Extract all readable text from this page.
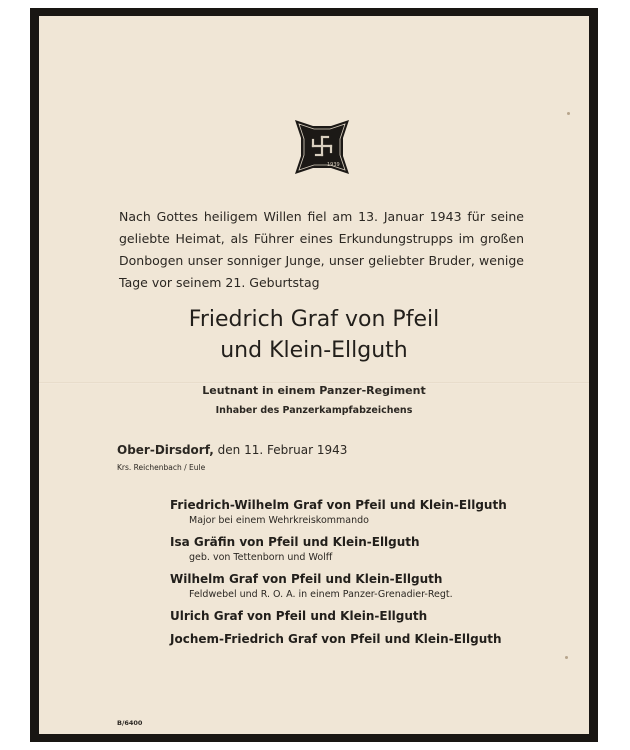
1939
Nach Gottes heiligem Willen fiel am 13. Januar 1943 für seine geliebte Heimat, als Führer eines Erkundungstrupps im großen Donbogen unser sonniger Junge, unser geliebter Bruder, wenige Tage vor seinem 21. Geburtstag
Friedrich Graf von Pfeil
und Klein-Ellguth
Leutnant in einem Panzer-Regiment
Inhaber des Panzerkampfabzeichens
Ober-Dirsdorf, den 11. Februar 1943
Krs. Reichenbach / Eule
Friedrich-Wilhelm Graf von Pfeil und Klein-Ellguth
Major bei einem Wehrkreiskommando
Isa Gräfin von Pfeil und Klein-Ellguth
geb. von Tettenborn und Wolff
Wilhelm Graf von Pfeil und Klein-Ellguth
Feldwebel und R. O. A. in einem Panzer-Grenadier-Regt.
Ulrich Graf von Pfeil und Klein-Ellguth
Jochem-Friedrich Graf von Pfeil und Klein-Ellguth
B/6400
